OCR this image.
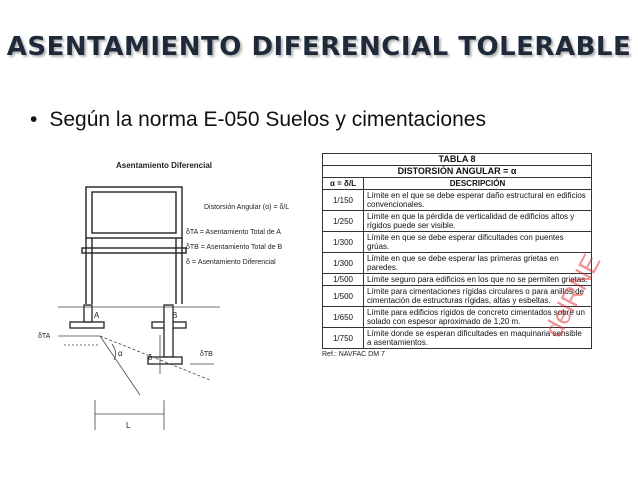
ASENTAMIENTO DIFERENCIAL TOLERABLE
• Según la norma E-050 Suelos y cimentaciones
Asentamiento Diferencial
Distorsión Angular (α) = δ/L
δTA = Asentamiento Total de A
δTB = Asentamiento Total de B
δ = Asentamiento Diferencial
A	B
δTA
δTB
α	δ
L
TABLA 8	
DISTORSIÓN ANGULAR = α	
α = δ/L	DESCRIPCIÓN
1/150	Límite en el que se debe esperar daño estructural en edificios convencionales.
1/250	Límite en que la pérdida de verticalidad de edificios altos y rígidos puede ser visible.
1/300	Límite en que se debe esperar dificultades con puentes grúas.
1/300	Límite en que se debe esperar las primeras grietas en paredes.
1/500	Límite seguro para edificios en los que no se permiten grietas.
1/500	Límite para cimentaciones rígidas circulares o para anillos de cimentación de estructuras rígidas, altas y esbeltas.
1/650	Límite para edificios rígidos de concreto cimentados sobre un solado con espesor aproximado de 1,20 m.
1/750	Límite donde se esperan dificultades en maquinaria sensible a asentamientos.
Ref.: NAVFAC DM 7
delRNE
